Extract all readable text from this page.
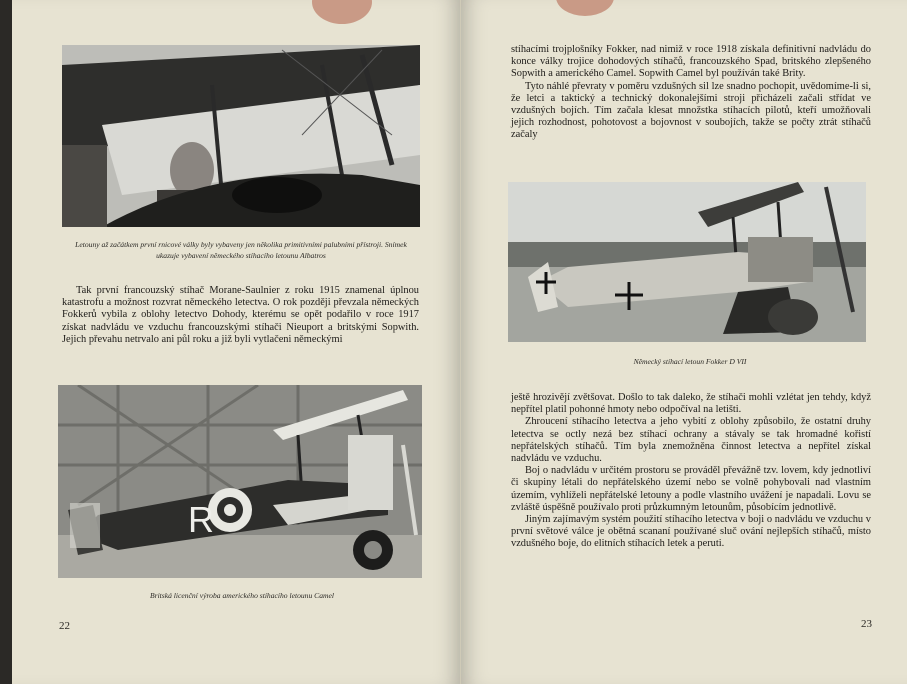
Letouny až začátkem první rnicové války byly vybaveny jen několika primitivními palubními přístroji. Snímek ukazuje vybavení německého stíhacího letounu Albatros

Tak první francouzský stíhač Morane-Saulnier z roku 1915 znamenal úplnou katastrofu a možnost rozvrat německého letectva. O rok později převzala německých Fokkerů vybila z oblohy letectvo Dohody, kterému se opět podařilo v roce 1917 získat nadvládu ve vzduchu francouzskými stíhači Nieuport a britskými Sopwith. Jejich převahu netrvalo ani půl roku a již byli vytlačeni německými

R
Britská licenční výroba amerického stíhacího letounu Camel
22

stíhacími trojplošníky Fokker, nad nimiž v roce 1918 získala definitivní nadvládu do konce války trojice dohodových stíhačů, francouzského Spad, britského zlepšeného Sopwith a amerického Camel. Sopwith Camel byl používán také Brity.

Tyto náhlé převraty v poměru vzdušných sil lze snadno pochopit, uvědomíme-li si, že letci a taktický a technický dokonalejšími stroji přicházeli začali střídat ve vzdušných bojích. Tím začala klesat množstka stíhacích pilotů, kteří umožňovali jejich rozhodnost, pohotovost a bojovnost v soubojích, takže se počty ztrát stíhačů začaly

Německý stíhací letoun Fokker D VII

ještě hrozivějí zvětšovat. Došlo to tak daleko, že stíhači mohli vzlétat jen tehdy, když nepřítel platil pohonné hmoty nebo odpočíval na letišti.

Zhroucení stíhacího letectva a jeho vybití z oblohy způsobilo, že ostatní druhy letectva se octly nezá bez stíhací ochrany a stávaly se tak hromadné kořistí nepřátelských stíhačů. Tím byla znemožněna činnost letectva a nepřítel získal nadvládu ve vzduchu.

Boj o nadvládu v určitém prostoru se prováděl převážně tzv. lovem, kdy jednotliví či skupiny létali do nepřátelského území nebo se volně pohybovali nad vlastním územím, vyhlíželi nepřátelské letouny a podle vlastního uvážení je napadali. Lovu se zvláště úspěšně používalo proti průzkumným letounům, působícím jednotlivě.

Jiným zajímavým systém použití stíhacího letectva v boji o nadvládu ve vzduchu v první světové válce je obětná scananí používané sluč ování nejlepších stíhačů, místo vzdušného boje, do elitních stíhacích letek a peruti.

23
